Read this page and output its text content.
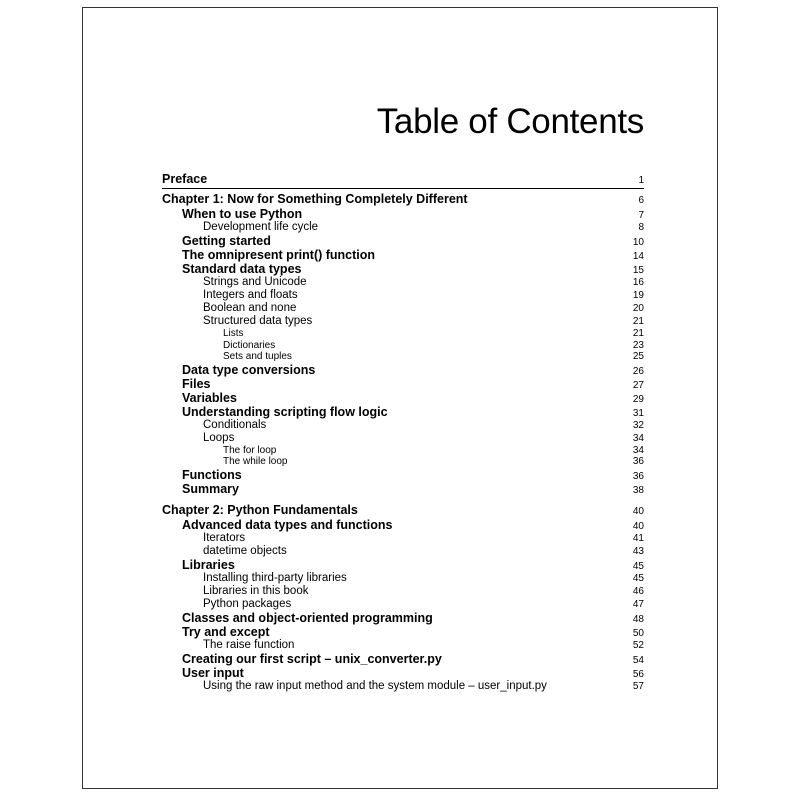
Table of Contents
Preface	1
Chapter 1: Now for Something Completely Different	6
When to use Python	7
Development life cycle	8
Getting started	10
The omnipresent print() function	14
Standard data types	15
Strings and Unicode	16
Integers and floats	19
Boolean and none	20
Structured data types	21
Lists	21
Dictionaries	23
Sets and tuples	25
Data type conversions	26
Files	27
Variables	29
Understanding scripting flow logic	31
Conditionals	32
Loops	34
The for loop	34
The while loop	36
Functions	36
Summary	38
Chapter 2: Python Fundamentals	40
Advanced data types and functions	40
Iterators	41
datetime objects	43
Libraries	45
Installing third-party libraries	45
Libraries in this book	46
Python packages	47
Classes and object-oriented programming	48
Try and except	50
The raise function	52
Creating our first script – unix_converter.py	54
User input	56
Using the raw input method and the system module – user_input.py	57
